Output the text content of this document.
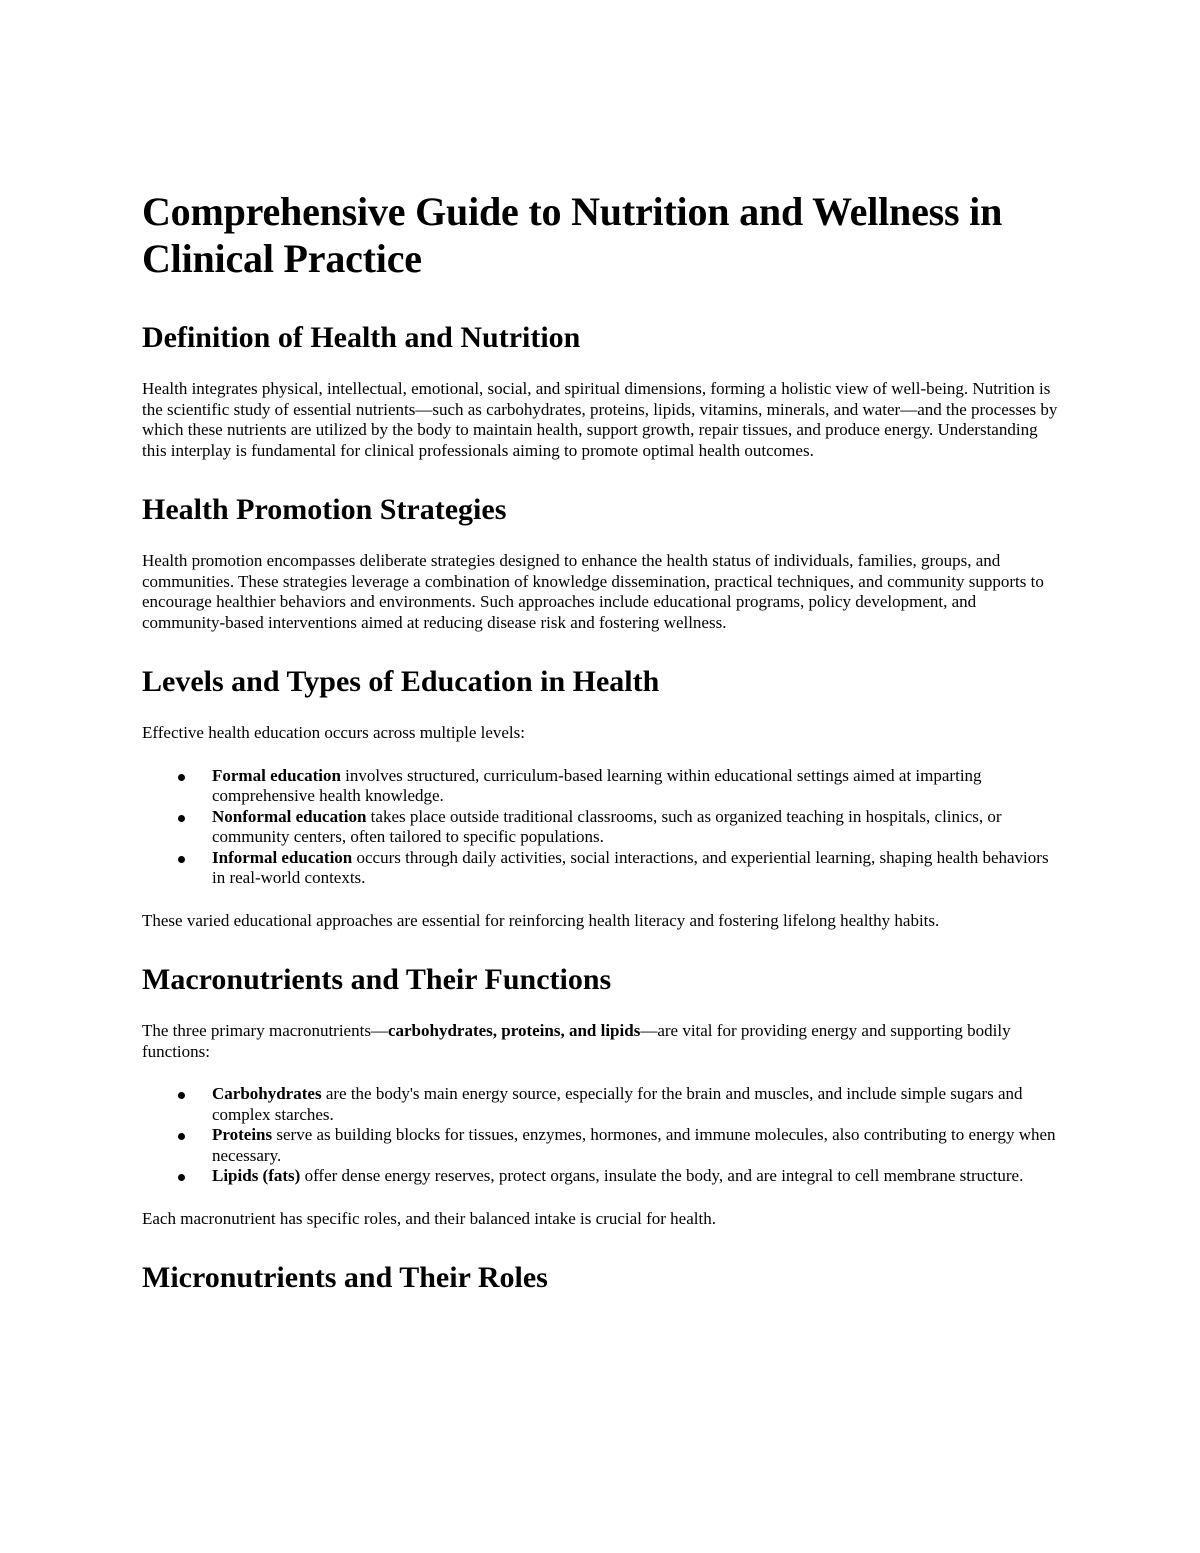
Comprehensive Guide to Nutrition and Wellness in Clinical Practice
Definition of Health and Nutrition

Health integrates physical, intellectual, emotional, social, and spiritual dimensions, forming a holistic view of well-being. Nutrition is the scientific study of essential nutrients—such as carbohydrates, proteins, lipids, vitamins, minerals, and water—and the processes by which these nutrients are utilized by the body to maintain health, support growth, repair tissues, and produce energy. Understanding this interplay is fundamental for clinical professionals aiming to promote optimal health outcomes.

Health Promotion Strategies

Health promotion encompasses deliberate strategies designed to enhance the health status of individuals, families, groups, and communities. These strategies leverage a combination of knowledge dissemination, practical techniques, and community supports to encourage healthier behaviors and environments. Such approaches include educational programs, policy development, and community-based interventions aimed at reducing disease risk and fostering wellness.

Levels and Types of Education in Health

Effective health education occurs across multiple levels:

Formal education involves structured, curriculum-based learning within educational settings aimed at imparting comprehensive health knowledge.
Nonformal education takes place outside traditional classrooms, such as organized teaching in hospitals, clinics, or community centers, often tailored to specific populations.
Informal education occurs through daily activities, social interactions, and experiential learning, shaping health behaviors in real-world contexts.

These varied educational approaches are essential for reinforcing health literacy and fostering lifelong healthy habits.

Macronutrients and Their Functions

The three primary macronutrients—carbohydrates, proteins, and lipids—are vital for providing energy and supporting bodily functions:

Carbohydrates are the body's main energy source, especially for the brain and muscles, and include simple sugars and complex starches.
Proteins serve as building blocks for tissues, enzymes, hormones, and immune molecules, also contributing to energy when necessary.
Lipids (fats) offer dense energy reserves, protect organs, insulate the body, and are integral to cell membrane structure.

Each macronutrient has specific roles, and their balanced intake is crucial for health.

Micronutrients and Their Roles
